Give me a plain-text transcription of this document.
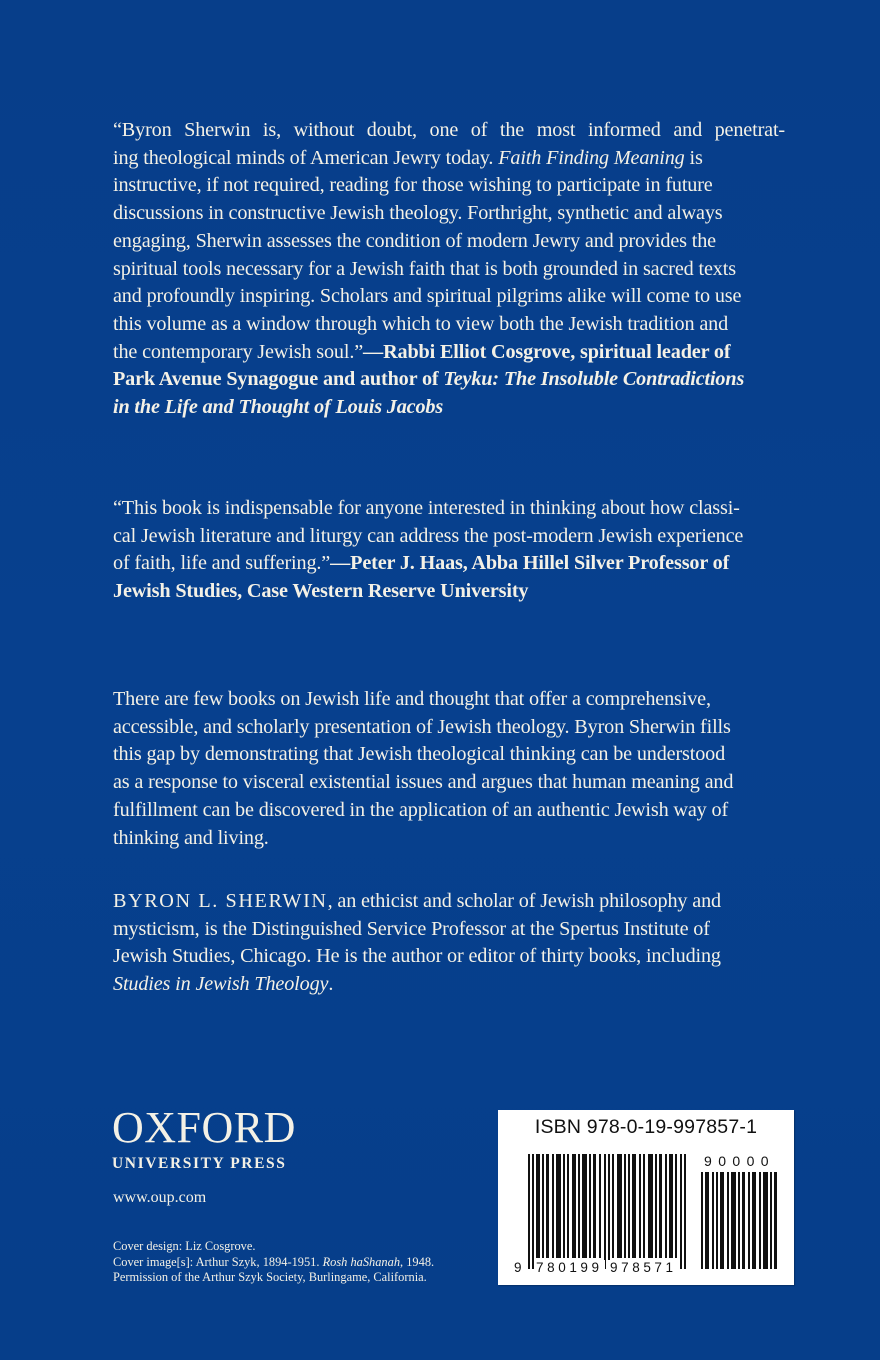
“Byron Sherwin is, without doubt, one of the most informed and penetrat-
ing theological minds of American Jewry today. Faith Finding Meaning is
instructive, if not required, reading for those wishing to participate in future
discussions in constructive Jewish theology. Forthright, synthetic and always
engaging, Sherwin assesses the condition of modern Jewry and provides the
spiritual tools necessary for a Jewish faith that is both grounded in sacred texts
and profoundly inspiring. Scholars and spiritual pilgrims alike will come to use
this volume as a window through which to view both the Jewish tradition and
the contemporary Jewish soul.”—Rabbi Elliot Cosgrove, spiritual leader of
Park Avenue Synagogue and author of Teyku: The Insoluble Contradictions
in the Life and Thought of Louis Jacobs
“This book is indispensable for anyone interested in thinking about how classi-
cal Jewish literature and liturgy can address the post-modern Jewish experience
of faith, life and suffering.”—Peter J. Haas, Abba Hillel Silver Professor of
Jewish Studies, Case Western Reserve University
There are few books on Jewish life and thought that offer a comprehensive,
accessible, and scholarly presentation of Jewish theology. Byron Sherwin fills
this gap by demonstrating that Jewish theological thinking can be understood
as a response to visceral existential issues and argues that human meaning and
fulfillment can be discovered in the application of an authentic Jewish way of
thinking and living.
BYRON L. SHERWIN, an ethicist and scholar of Jewish philosophy and
mysticism, is the Distinguished Service Professor at the Spertus Institute of
Jewish Studies, Chicago. He is the author or editor of thirty books, including
Studies in Jewish Theology.
OXFORD
UNIVERSITY PRESS
www.oup.com
Cover design: Liz Cosgrove.
Cover image[s]: Arthur Szyk, 1894-1951. Rosh haShanah, 1948.
Permission of the Arthur Szyk Society, Burlingame, California.
ISBN 978-0-19-997857-1
90000
9 780199 978571
